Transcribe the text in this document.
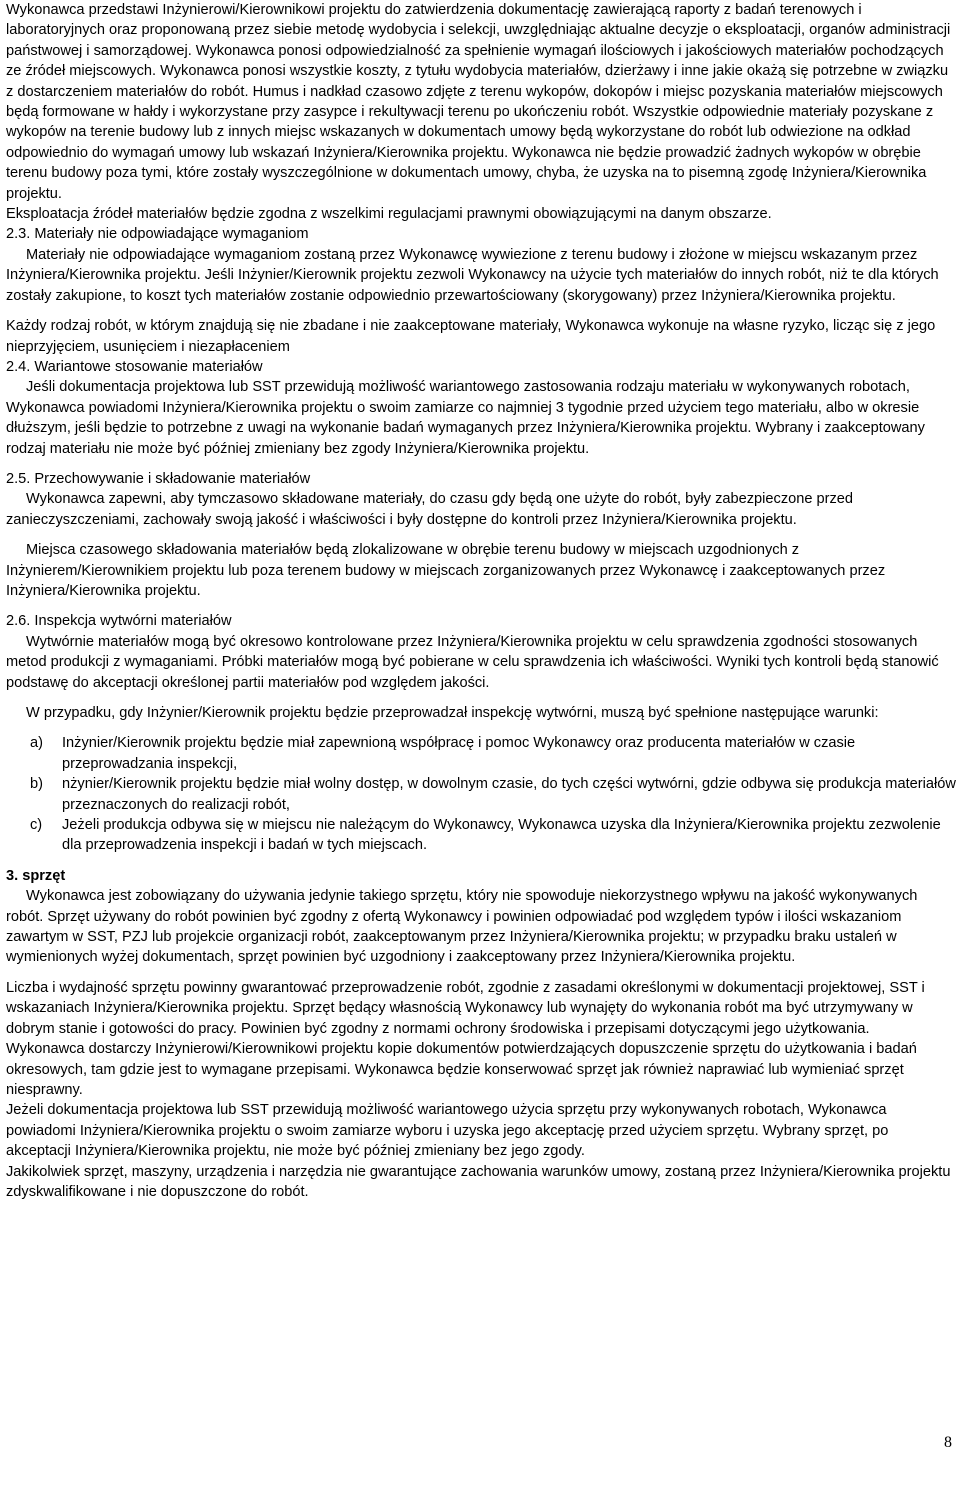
Wykonawca przedstawi Inżynierowi/Kierownikowi projektu do zatwierdzenia dokumentację zawierającą raporty z badań terenowych i laboratoryjnych oraz proponowaną przez siebie metodę wydobycia i selekcji, uwzględniając aktualne decyzje o eksploatacji, organów administracji państwowej i samorządowej. Wykonawca ponosi odpowiedzialność za spełnienie wymagań ilościowych i jakościowych materiałów pochodzących ze źródeł miejscowych. Wykonawca ponosi wszystkie koszty, z tytułu wydobycia materiałów, dzierżawy i inne jakie okażą się potrzebne w związku z dostarczeniem materiałów do robót. Humus i nadkład czasowo zdjęte z terenu wykopów, dokopów i miejsc pozyskania materiałów miejscowych będą formowane w hałdy i wykorzystane przy zasypce i rekultywacji terenu po ukończeniu robót. Wszystkie odpowiednie materiały pozyskane z wykopów na terenie budowy lub z innych miejsc wskazanych w dokumentach umowy będą wykorzystane do robót lub odwiezione na odkład odpowiednio do wymagań umowy lub wskazań Inżyniera/Kierownika projektu. Wykonawca nie będzie prowadzić żadnych wykopów w obrębie terenu budowy poza tymi, które zostały wyszczególnione w dokumentach umowy, chyba, że uzyska na to pisemną zgodę Inżyniera/Kierownika projektu.

Eksploatacja źródeł materiałów będzie zgodna z wszelkimi regulacjami prawnymi obowiązującymi na danym obszarze.

2.3. Materiały nie odpowiadające wymaganiom

Materiały nie odpowiadające wymaganiom zostaną przez Wykonawcę wywiezione z terenu budowy i złożone w miejscu wskazanym przez Inżyniera/Kierownika projektu. Jeśli Inżynier/Kierownik projektu zezwoli Wykonawcy na użycie tych materiałów do innych robót, niż te dla których zostały zakupione, to koszt tych materiałów zostanie odpowiednio przewartościowany (skorygowany) przez Inżyniera/Kierownika projektu.

Każdy rodzaj robót, w którym znajdują się nie zbadane i nie zaakceptowane materiały, Wykonawca wykonuje na własne ryzyko, licząc się z jego nieprzyjęciem, usunięciem i niezapłaceniem

2.4. Wariantowe stosowanie materiałów

Jeśli dokumentacja projektowa lub SST przewidują możliwość wariantowego zastosowania rodzaju materiału w wykonywanych robotach, Wykonawca powiadomi Inżyniera/Kierownika projektu o swoim zamiarze co najmniej 3 tygodnie przed użyciem tego materiału, albo w okresie dłuższym, jeśli będzie to potrzebne z uwagi na wykonanie badań wymaganych przez Inżyniera/Kierownika projektu. Wybrany i zaakceptowany rodzaj materiału nie może być później zmieniany bez zgody Inżyniera/Kierownika projektu.

2.5. Przechowywanie i składowanie materiałów

Wykonawca zapewni, aby tymczasowo składowane materiały, do czasu gdy będą one użyte do robót, były zabezpieczone przed zanieczyszczeniami, zachowały swoją jakość i właściwości i były dostępne do kontroli przez Inżyniera/Kierownika projektu.

Miejsca czasowego składowania materiałów będą zlokalizowane w obrębie terenu budowy w miejscach uzgodnionych z Inżynierem/Kierownikiem projektu lub poza terenem budowy w miejscach zorganizowanych przez Wykonawcę i zaakceptowanych przez Inżyniera/Kierownika projektu.

2.6. Inspekcja wytwórni materiałów

Wytwórnie materiałów mogą być okresowo kontrolowane przez Inżyniera/Kierownika projektu w celu sprawdzenia zgodności stosowanych metod produkcji z wymaganiami. Próbki materiałów mogą być pobierane w celu sprawdzenia ich właściwości. Wyniki tych kontroli będą stanowić podstawę do akceptacji określonej partii materiałów pod względem jakości.

W przypadku, gdy Inżynier/Kierownik projektu będzie przeprowadzał inspekcję wytwórni, muszą być spełnione następujące warunki:

a) Inżynier/Kierownik projektu będzie miał zapewnioną współpracę i pomoc Wykonawcy oraz producenta materiałów w czasie przeprowadzania inspekcji,
b) nżynier/Kierownik projektu będzie miał wolny dostęp, w dowolnym czasie, do tych części wytwórni, gdzie odbywa się produkcja materiałów przeznaczonych do realizacji robót,
c) Jeżeli produkcja odbywa się w miejscu nie należącym do Wykonawcy, Wykonawca uzyska dla Inżyniera/Kierownika projektu zezwolenie dla przeprowadzenia inspekcji i badań w tych miejscach.

3. sprzęt

Wykonawca jest zobowiązany do używania jedynie takiego sprzętu, który nie spowoduje niekorzystnego wpływu na jakość wykonywanych robót. Sprzęt używany do robót powinien być zgodny z ofertą Wykonawcy i powinien odpowiadać pod względem typów i ilości wskazaniom zawartym w SST, PZJ lub projekcie organizacji robót, zaakceptowanym przez Inżyniera/Kierownika projektu; w przypadku braku ustaleń w wymienionych wyżej dokumentach, sprzęt powinien być uzgodniony i zaakceptowany przez Inżyniera/Kierownika projektu.

Liczba i wydajność sprzętu powinny gwarantować przeprowadzenie robót, zgodnie z zasadami określonymi w dokumentacji projektowej, SST i wskazaniach Inżyniera/Kierownika projektu. Sprzęt będący własnością Wykonawcy lub wynajęty do wykonania robót ma być utrzymywany w dobrym stanie i gotowości do pracy. Powinien być zgodny z normami ochrony środowiska i przepisami dotyczącymi jego użytkowania.

Wykonawca dostarczy Inżynierowi/Kierownikowi projektu kopie dokumentów potwierdzających dopuszczenie sprzętu do użytkowania i badań okresowych, tam gdzie jest to wymagane przepisami. Wykonawca będzie konserwować sprzęt jak również naprawiać lub wymieniać sprzęt niesprawny.

Jeżeli dokumentacja projektowa lub SST przewidują możliwość wariantowego użycia sprzętu przy wykonywanych robotach, Wykonawca powiadomi Inżyniera/Kierownika projektu o swoim zamiarze wyboru i uzyska jego akceptację przed użyciem sprzętu. Wybrany sprzęt, po akceptacji Inżyniera/Kierownika projektu, nie może być później zmieniany bez jego zgody.

Jakikolwiek sprzęt, maszyny, urządzenia i narzędzia nie gwarantujące zachowania warunków umowy, zostaną przez Inżyniera/Kierownika projektu zdyskwalifikowane i nie dopuszczone do robót.

8
